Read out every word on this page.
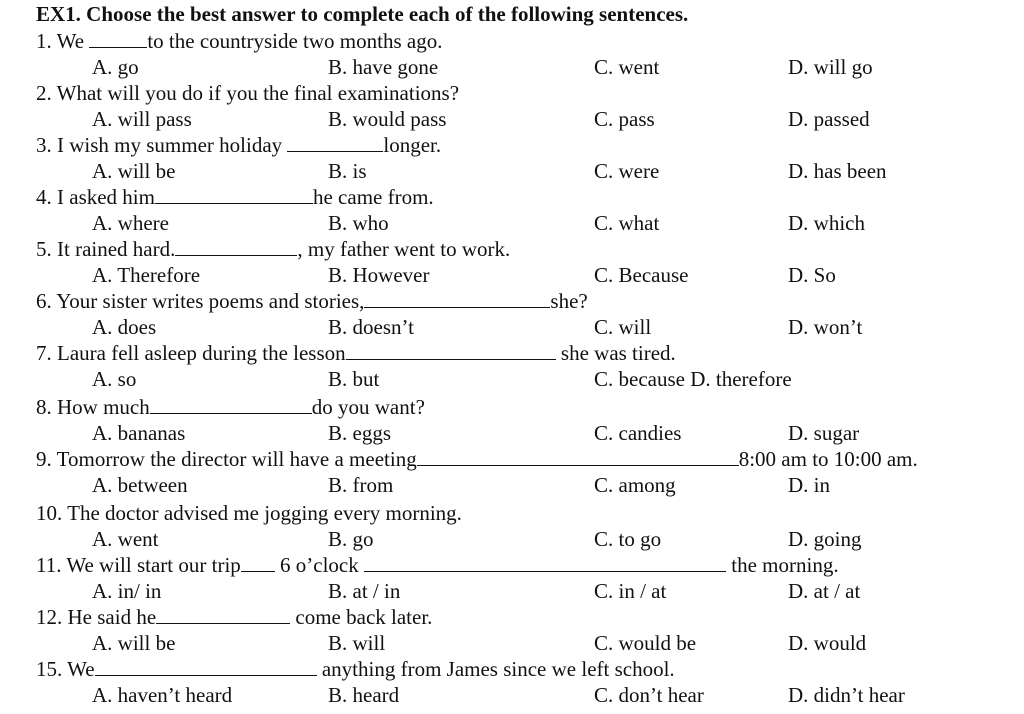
EX1. Choose the best answer to complete each of the following sentences.
1. We	to the countryside two months ago.
A. go	B. have gone	C. went	D. will go
2. What will you do if you the final examinations?
A. will pass	B. would pass	C. pass	D. passed
3. I wish my summer holiday	longer.
A. will be	B. is	C. were	D. has been
4. I asked him	he came from.
A. where	B. who	C. what	D. which
5. It rained hard.	, my father went to work.
A. Therefore	B. However	C. Because	D. So
6. Your sister writes poems and stories,	she?
A. does	B. doesn’t	C. will	D. won’t
7. Laura fell asleep during the lesson	she was tired.
A. so	B. but	C. because D. therefore
8. How much	do you want?
A. bananas	B. eggs	C. candies	D. sugar
9. Tomorrow the director will have a meeting	8:00 am to 10:00 am.
A. between	B. from	C. among	D. in
10. The doctor advised me jogging every morning.
A. went	B. go	C. to go	D. going
11. We will start our trip 6 o’clock	the morning.
A. in/ in	B. at / in	C. in / at	D. at / at
12. He said he	come back later.
A. will be	B. will	C. would be	D. would
15. We	anything from James since we left school.
A. haven’t heard	B. heard	C. don’t hear	D. didn’t hear
